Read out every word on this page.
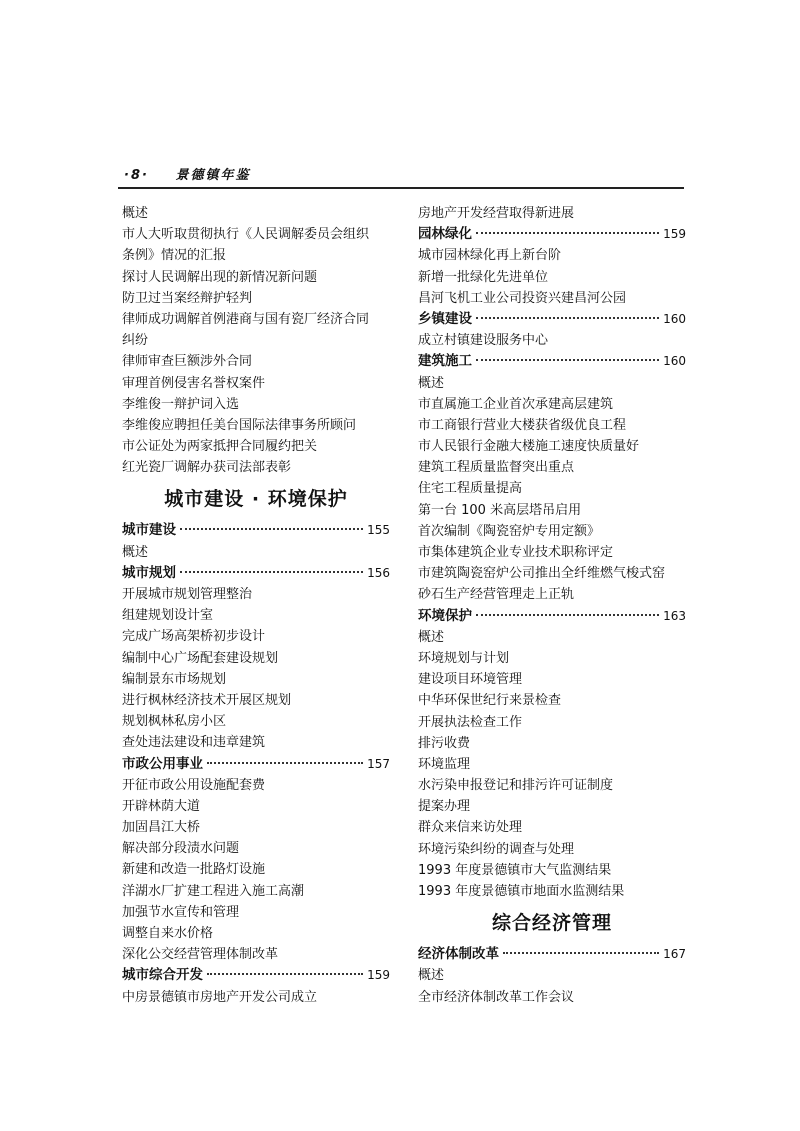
·8· 景德镇年鉴
概述
市人大听取贯彻执行《人民调解委员会组织
条例》情况的汇报
探讨人民调解出现的新情况新问题
防卫过当案经辩护轻判
律师成功调解首例港商与国有瓷厂经济合同
纠纷
律师审查巨额涉外合同
审理首例侵害名誉权案件
李维俊一辩护词入选
李维俊应聘担任美台国际法律事务所顾问
市公证处为两家抵押合同履约把关
红光瓷厂调解办获司法部表彰
城市建设 · 环境保护
城市建设	155
概述
城市规划	156
开展城市规划管理整治
组建规划设计室
完成广场高架桥初步设计
编制中心广场配套建设规划
编制景东市场规划
进行枫林经济技术开展区规划
规划枫林私房小区
查处违法建设和违章建筑
市政公用事业	157
开征市政公用设施配套费
开辟林荫大道
加固昌江大桥
解决部分段渍水问题
新建和改造一批路灯设施
洋湖水厂扩建工程进入施工高潮
加强节水宣传和管理
调整自来水价格
深化公交经营管理体制改革
城市综合开发	159
中房景德镇市房地产开发公司成立
房地产开发经营取得新进展
园林绿化	159
城市园林绿化再上新台阶
新增一批绿化先进单位
昌河飞机工业公司投资兴建昌河公园
乡镇建设	160
成立村镇建设服务中心
建筑施工	160
概述
市直属施工企业首次承建高层建筑
市工商银行营业大楼获省级优良工程
市人民银行金融大楼施工速度快质量好
建筑工程质量监督突出重点
住宅工程质量提高
第一台 100 米高层塔吊启用
首次编制《陶瓷窑炉专用定额》
市集体建筑企业专业技术职称评定
市建筑陶瓷窑炉公司推出全纤维燃气梭式窑
砂石生产经营管理走上正轨
环境保护	163
概述
环境规划与计划
建设项目环境管理
中华环保世纪行来景检查
开展执法检查工作
排污收费
环境监理
水污染申报登记和排污许可证制度
提案办理
群众来信来访处理
环境污染纠纷的调查与处理
1993 年度景德镇市大气监测结果
1993 年度景德镇市地面水监测结果
综合经济管理
经济体制改革	167
概述
全市经济体制改革工作会议
